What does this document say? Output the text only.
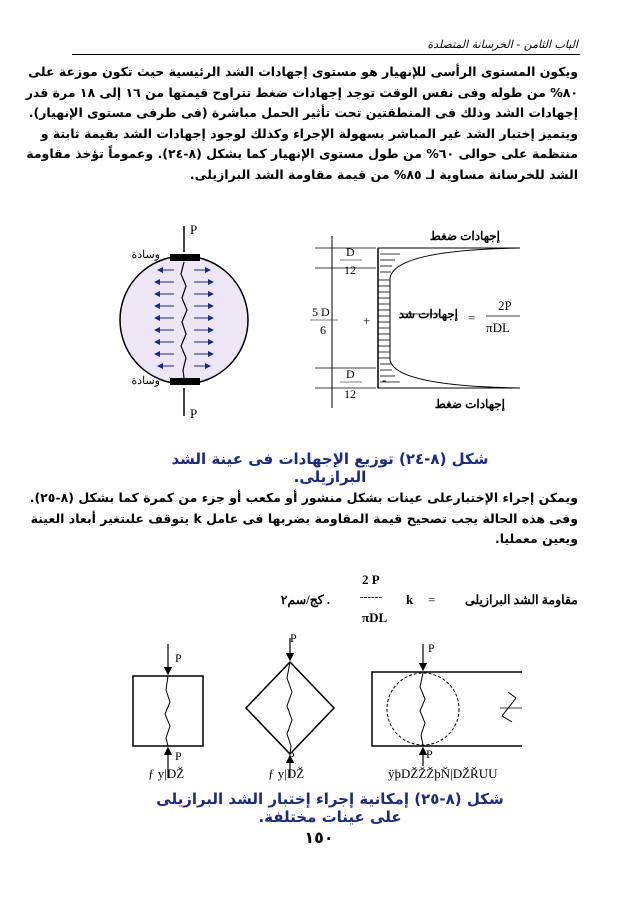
الباب الثامن - الخرسانة المتصلدة
ويكون المستوى الرأسى للإنهيار هو مستوى إجهادات الشد الرئيسية حيث تكون موزعة على
٨٠% من طوله وفى نفس الوقت توجد إجهادات ضغط تتراوح قيمتها من ١٦ إلى ١٨ مرة قدر
إجهادات الشد وذلك فى المنطقتين تحت تأثير الحمل مباشرة (فى طرفى مستوى الإنهيار).
ويتميز إختبار الشد غير المباشر بسهولة الإجراء وكذلك لوجود إجهادات الشد بقيمة ثابتة و
منتظمة على حوالى ٦٠% من طول مستوى الإنهيار كما بشكل (٨-٢٤). وعموماً تؤخذ مقاومة
الشد للخرسانة مساوية لـ ٨٥% من قيمة مقاومة الشد البرازيلى.
P
P
وسادة
وسادة
إجهادات ضغط
إجهادات ضغط
إجهادات شد =
2P
πDL
+
-
D
12
5 D
6
D
12
شكل (٨-٢٤) توزيع الإجهادات فى عينة الشد البرازيلى.
ويمكن إجراء الإختبارعلى عينات بشكل منشور أو مكعب أو جزء من كمرة كما بشكل (٨-٢٥).
وفى هذه الحالة يجب تصحيح قيمة المقاومة بضربها فى عامل k يتوقف علىتغير أبعاد العينة
ويعين معمليا.
مقاومة الشد البرازيلى
=
k
2 P
------
πDL
كج/سم٢ .
P
P
ƒ y|DŽ
P
P
ƒ y|DŽ
P
P
ÿþDŽŽŽþŇ|DŽŘUU
شكل (٨-٢٥) إمكانية إجراء إختبار الشد البرازيلى على عينات مختلفة.
١٥٠
